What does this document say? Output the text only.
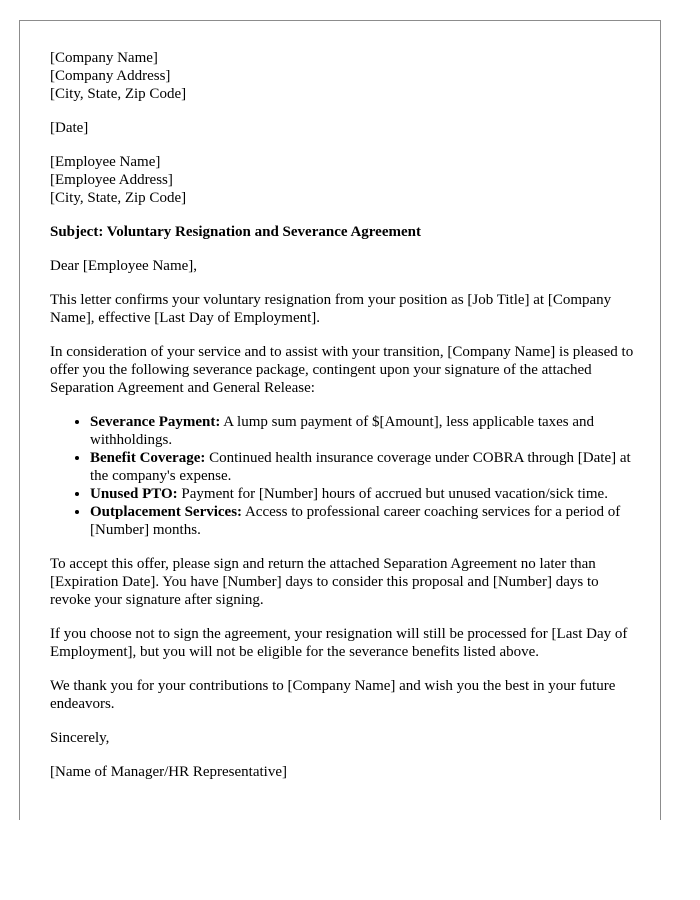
[Company Name]
[Company Address]
[City, State, Zip Code]

[Date]

[Employee Name]
[Employee Address]
[City, State, Zip Code]

Subject: Voluntary Resignation and Severance Agreement

Dear [Employee Name],

This letter confirms your voluntary resignation from your position as [Job Title] at [Company Name], effective [Last Day of Employment].

In consideration of your service and to assist with your transition, [Company Name] is pleased to offer you the following severance package, contingent upon your signature of the attached Separation Agreement and General Release:

• Severance Payment: A lump sum payment of $[Amount], less applicable taxes and withholdings.
• Benefit Coverage: Continued health insurance coverage under COBRA through [Date] at the company's expense.
• Unused PTO: Payment for [Number] hours of accrued but unused vacation/sick time.
• Outplacement Services: Access to professional career coaching services for a period of [Number] months.

To accept this offer, please sign and return the attached Separation Agreement no later than [Expiration Date]. You have [Number] days to consider this proposal and [Number] days to revoke your signature after signing.

If you choose not to sign the agreement, your resignation will still be processed for [Last Day of Employment], but you will not be eligible for the severance benefits listed above.

We thank you for your contributions to [Company Name] and wish you the best in your future endeavors.

Sincerely,

[Name of Manager/HR Representative]
